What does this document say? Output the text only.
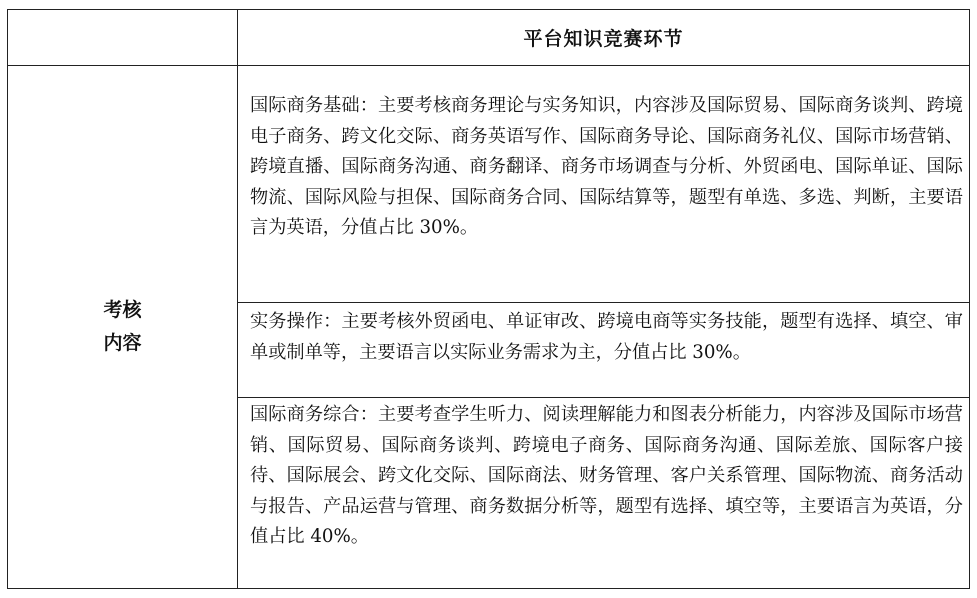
	平台知识竞赛环节

考核
内容	国际商务基础：主要考核商务理论与实务知识，内容涉及国际贸易、国际商务谈判、跨境电子商务、跨文化交际、商务英语写作、国际商务导论、国际商务礼仪、国际市场营销、跨境直播、国际商务沟通、商务翻译、商务市场调查与分析、外贸函电、国际单证、国际物流、国际风险与担保、国际商务合同、国际结算等，题型有单选、多选、判断，主要语言为英语，分值占比 30%。
	实务操作：主要考核外贸函电、单证审改、跨境电商等实务技能，题型有选择、填空、审单或制单等，主要语言以实际业务需求为主，分值占比 30%。
	国际商务综合：主要考查学生听力、阅读理解能力和图表分析能力，内容涉及国际市场营销、国际贸易、国际商务谈判、跨境电子商务、国际商务沟通、国际差旅、国际客户接待、国际展会、跨文化交际、国际商法、财务管理、客户关系管理、国际物流、商务活动与报告、产品运营与管理、商务数据分析等，题型有选择、填空等，主要语言为英语，分值占比 40%。
